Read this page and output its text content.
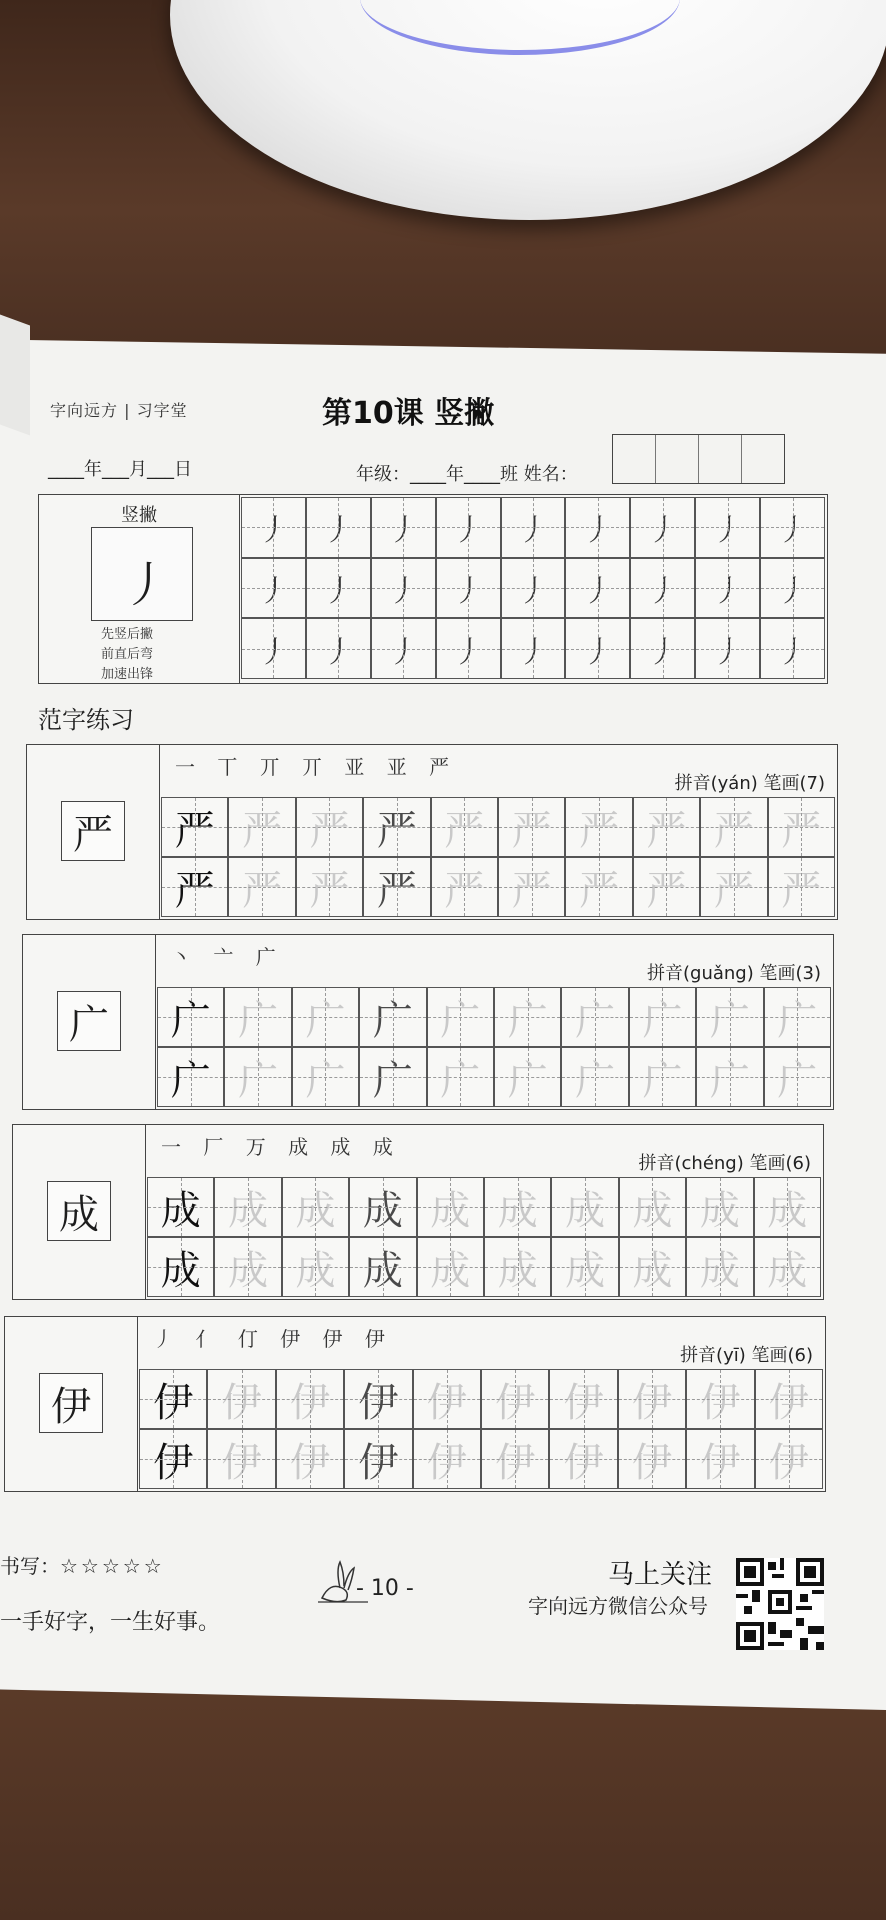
字向远方 | 习字堂	第10课 竖撇
____年___月___日	年级：____年____班 姓名：
竖撇
丿
先竖后撇
前直后弯
加速出锋
丿 丿 丿 丿 丿 丿 丿 丿 丿
丿 丿 丿 丿 丿 丿 丿 丿 丿
丿 丿 丿 丿 丿 丿 丿 丿 丿
范字练习
严
一 丅 丌 丌 亚 亚 严
拼音(yán) 笔画(7)
严 严 严 严 严 严 严 严 严 严
严 严 严 严 严 严 严 严 严 严
广
丶 亠 广
拼音(guǎng) 笔画(3)
广 广 广 广 广 广 广 广 广 广
广 广 广 广 广 广 广 广 广 广
成
一 厂 万 成 成 成
拼音(chéng) 笔画(6)
成 成 成 成 成 成 成 成 成 成
成 成 成 成 成 成 成 成 成 成
伊
丿 亻 仃 伊 伊 伊
拼音(yī) 笔画(6)
伊 伊 伊 伊 伊 伊 伊 伊 伊 伊
伊 伊 伊 伊 伊 伊 伊 伊 伊 伊
书写：☆☆☆☆☆
一手好字，一生好事。
- 10 -	马上关注
字向远方微信公众号
